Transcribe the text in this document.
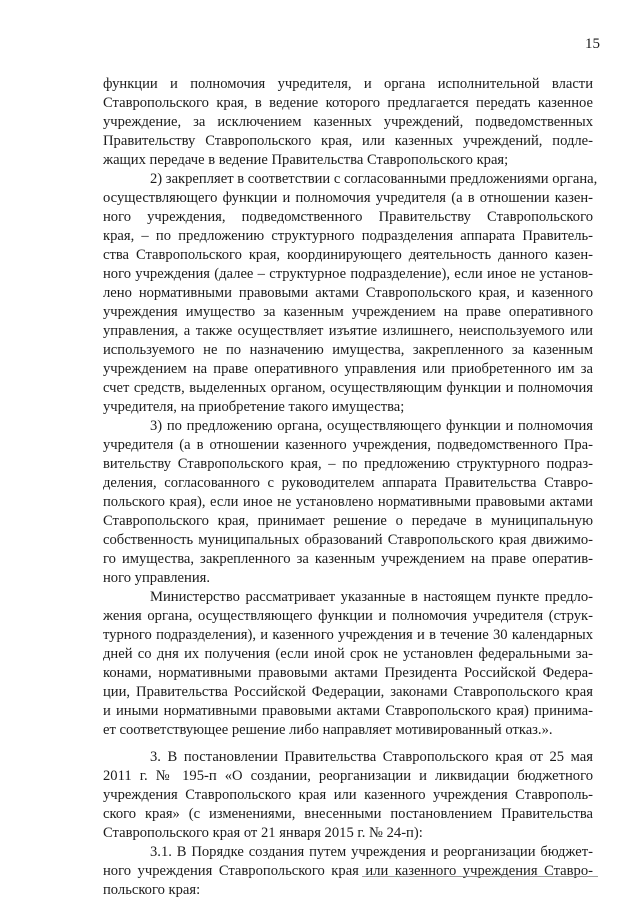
15
функции и полномочия учредителя, и органа исполнительной власти
Ставропольского края, в ведение которого предлагается передать казенное
учреждение, за исключением казенных учреждений, подведомственных
Правительству Ставропольского края, или казенных учреждений, подле-
жащих передаче в ведение Правительства Ставропольского края;
2) закрепляет в соответствии с согласованными предложениями органа,
осуществляющего функции и полномочия учредителя (а в отношении казен-
ного учреждения, подведомственного Правительству Ставропольского
края, – по предложению структурного подразделения аппарата Правитель-
ства Ставропольского края, координирующего деятельность данного казен-
ного учреждения (далее – структурное подразделение), если иное не установ-
лено нормативными правовыми актами Ставропольского края, и казенного
учреждения имущество за казенным учреждением на праве оперативного
управления, а также осуществляет изъятие излишнего, неиспользуемого или
используемого не по назначению имущества, закрепленного за казенным
учреждением на праве оперативного управления или приобретенного им за
счет средств, выделенных органом, осуществляющим функции и полномочия
учредителя, на приобретение такого имущества;
3) по предложению органа, осуществляющего функции и полномочия
учредителя (а в отношении казенного учреждения, подведомственного Пра-
вительству Ставропольского края, – по предложению структурного подраз-
деления, согласованного с руководителем аппарата Правительства Ставро-
польского края), если иное не установлено нормативными правовыми актами
Ставропольского края, принимает решение о передаче в муниципальную
собственность муниципальных образований Ставропольского края движимо-
го имущества, закрепленного за казенным учреждением на праве оператив-
ного управления.
Министерство рассматривает указанные в настоящем пункте предло-
жения органа, осуществляющего функции и полномочия учредителя (струк-
турного подразделения), и казенного учреждения и в течение 30 календарных
дней со дня их получения (если иной срок не установлен федеральными за-
конами, нормативными правовыми актами Президента Российской Федера-
ции, Правительства Российской Федерации, законами Ставропольского края
и иными нормативными правовыми актами Ставропольского края) принима-
ет соответствующее решение либо направляет мотивированный отказ.».
3. В постановлении Правительства Ставропольского края от 25 мая
2011 г. № 195-п «О создании, реорганизации и ликвидации бюджетного
учреждения Ставропольского края или казенного учреждения Ставрополь-
ского края» (с изменениями, внесенными постановлением Правительства
Ставропольского края от 21 января 2015 г. № 24-п):
3.1. В Порядке создания путем учреждения и реорганизации бюджет-
ного учреждения Ставропольского края или казенного учреждения Ставро-
польского края:
